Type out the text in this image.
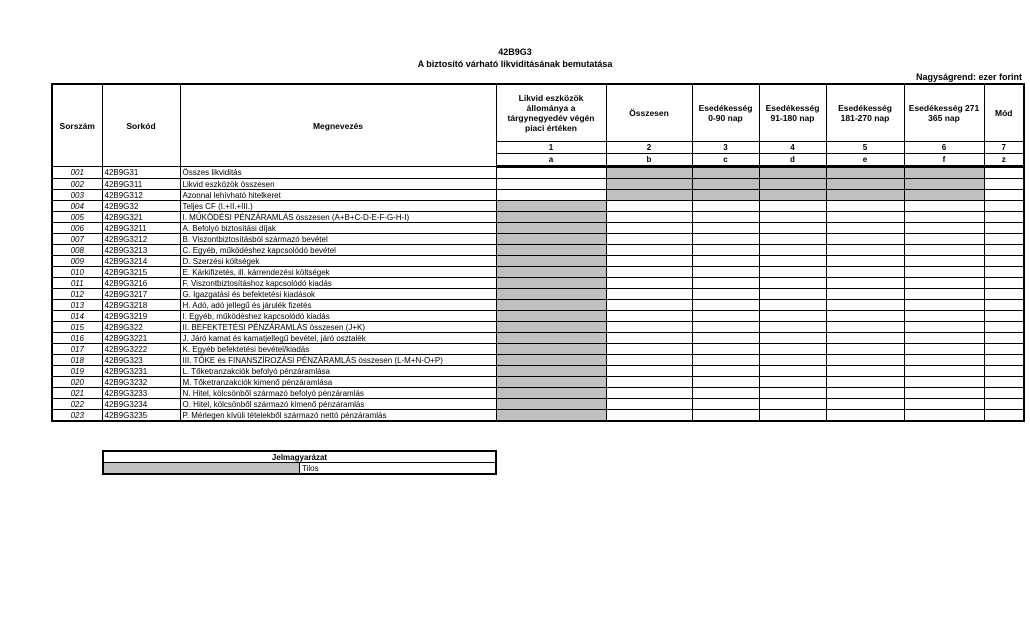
42B9G3
A biztosító várható likviditásának bemutatása
Nagyságrend: ezer forint
Sorszám	Sorkód	Megnevezés	Likvid eszközök állománya a tárgynegyedév végén piaci értéken	Összesen	Esedékesség 0-90 nap	Esedékesség 91-180 nap	Esedékesség 181-270 nap	Esedékesség 271 365 nap	Mód
			1	2	3	4	5	6	7
			a	b	c	d	e	f	z
001	42B9G31	Összes likviditás							
002	42B9G311	Likvid eszközök összesen							
003	42B9G312	Azonnal lehívható hitelkeret							
004	42B9G32	Teljes CF (I.+II.+III.)							
005	42B9G321	I. MŰKÖDÉSI PÉNZÁRAMLÁS összesen (A+B+C-D-E-F-G-H-I)							
006	42B9G3211	A. Befolyó biztosítási díjak							
007	42B9G3212	B. Viszontbiztosításból származó bevétel							
008	42B9G3213	C. Egyéb, működéshez kapcsolódó bevétel							
009	42B9G3214	D. Szerzési költségek							
010	42B9G3215	E. Kárkifizetés, ill. kárrendezési költségek							
011	42B9G3216	F. Viszontbiztosításhoz kapcsolódó kiadás							
012	42B9G3217	G. Igazgatási és befektetési kiadások							
013	42B9G3218	H. Adó, adó jellegű és járulék fizetés							
014	42B9G3219	I. Egyéb, működéshez kapcsolódó kiadás							
015	42B9G322	II. BEFEKTETÉSI PÉNZÁRAMLÁS összesen (J+K)							
016	42B9G3221	J. Járó kamat és kamatjellegű bevétel, járó osztalék							
017	42B9G3222	K. Egyéb befektetési bevétel/kiadás							
018	42B9G323	III. TŐKE és FINANSZÍROZÁSI PÉNZÁRAMLÁS összesen (L-M+N-O+P)							
019	42B9G3231	L. Tőketranzakciók befolyó pénzáramlása							
020	42B9G3232	M. Tőketranzakciók kimenő pénzáramlása							
021	42B9G3233	N. Hitel, kölcsönből származó befolyó pénzáramlás							
022	42B9G3234	O. Hitel, kölcsönből származó kimenő pénzáramlás							
023	42B9G3235	P. Mérlegen kívüli tételekből származó nettó pénzáramlás							
Jelmagyarázat
	Tilos
